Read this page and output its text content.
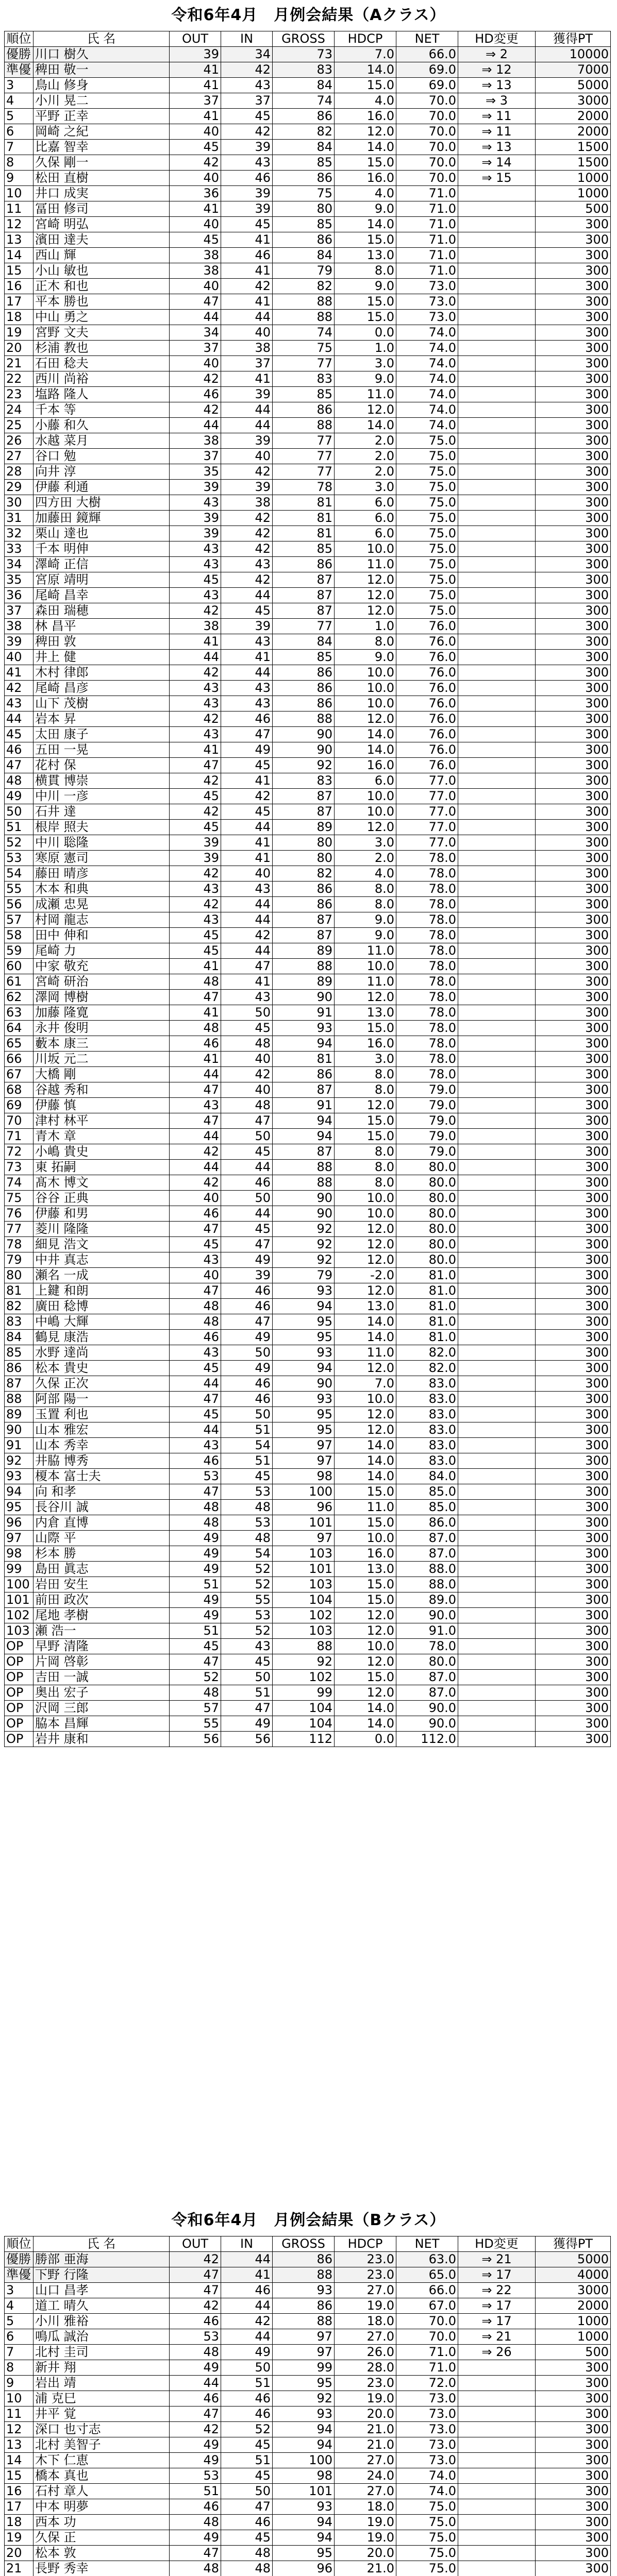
令和6年4月　月例会結果（Aクラス）
順位	氏 名	OUT	IN	GROSS	HDCP	NET	HD変更	獲得PT
優勝	川口 樹久	39	34	73	7.0	66.0	⇒ 2	10000
準優	稗田 敬一	41	42	83	14.0	69.0	⇒ 12	7000
3	鳥山 修身	41	43	84	15.0	69.0	⇒ 13	5000
4	小川 晃二	37	37	74	4.0	70.0	⇒ 3	3000
5	平野 正幸	41	45	86	16.0	70.0	⇒ 11	2000
6	岡崎 之紀	40	42	82	12.0	70.0	⇒ 11	2000
7	比嘉 智幸	45	39	84	14.0	70.0	⇒ 13	1500
8	久保 剛一	42	43	85	15.0	70.0	⇒ 14	1500
9	松田 直樹	40	46	86	16.0	70.0	⇒ 15	1000
10	井口 成実	36	39	75	4.0	71.0		1000
11	冨田 修司	41	39	80	9.0	71.0		500
12	宮崎 明弘	40	45	85	14.0	71.0		300
13	濱田 達夫	45	41	86	15.0	71.0		300
14	西山 輝	38	46	84	13.0	71.0		300
15	小山 敏也	38	41	79	8.0	71.0		300
16	正木 和也	40	42	82	9.0	73.0		300
17	平本 勝也	47	41	88	15.0	73.0		300
18	中山 勇之	44	44	88	15.0	73.0		300
19	宮野 文夫	34	40	74	0.0	74.0		300
20	杉浦 教也	37	38	75	1.0	74.0		300
21	石田 稔夫	40	37	77	3.0	74.0		300
22	西川 尚裕	42	41	83	9.0	74.0		300
23	塩路 隆人	46	39	85	11.0	74.0		300
24	千本 等	42	44	86	12.0	74.0		300
25	小藤 和久	44	44	88	14.0	74.0		300
26	水越 菜月	38	39	77	2.0	75.0		300
27	谷口 勉	37	40	77	2.0	75.0		300
28	向井 淳	35	42	77	2.0	75.0		300
29	伊藤 利通	39	39	78	3.0	75.0		300
30	四方田 大樹	43	38	81	6.0	75.0		300
31	加藤田 鏡輝	39	42	81	6.0	75.0		300
32	栗山 達也	39	42	81	6.0	75.0		300
33	千本 明伸	43	42	85	10.0	75.0		300
34	澤崎 正信	43	43	86	11.0	75.0		300
35	宮原 靖明	45	42	87	12.0	75.0		300
36	尾崎 昌幸	43	44	87	12.0	75.0		300
37	森田 瑞穂	42	45	87	12.0	75.0		300
38	林 昌平	38	39	77	1.0	76.0		300
39	稗田 敦	41	43	84	8.0	76.0		300
40	井上 健	44	41	85	9.0	76.0		300
41	木村 律郎	42	44	86	10.0	76.0		300
42	尾崎 昌彦	43	43	86	10.0	76.0		300
43	山下 茂樹	43	43	86	10.0	76.0		300
44	岩本 昇	42	46	88	12.0	76.0		300
45	太田 康子	43	47	90	14.0	76.0		300
46	五田 一晃	41	49	90	14.0	76.0		300
47	花村 保	47	45	92	16.0	76.0		300
48	横貫 博崇	42	41	83	6.0	77.0		300
49	中川 一彦	45	42	87	10.0	77.0		300
50	石井 達	42	45	87	10.0	77.0		300
51	根岸 照夫	45	44	89	12.0	77.0		300
52	中川 聡隆	39	41	80	3.0	77.0		300
53	寒原 憲司	39	41	80	2.0	78.0		300
54	藤田 晴彦	42	40	82	4.0	78.0		300
55	木本 和典	43	43	86	8.0	78.0		300
56	成瀬 忠晃	42	44	86	8.0	78.0		300
57	村岡 龍志	43	44	87	9.0	78.0		300
58	田中 伸和	45	42	87	9.0	78.0		300
59	尾崎 力	45	44	89	11.0	78.0		300
60	中家 敬充	41	47	88	10.0	78.0		300
61	宮崎 研治	48	41	89	11.0	78.0		300
62	澤岡 博樹	47	43	90	12.0	78.0		300
63	加藤 隆寛	41	50	91	13.0	78.0		300
64	永井 俊明	48	45	93	15.0	78.0		300
65	藪本 康三	46	48	94	16.0	78.0		300
66	川坂 元二	41	40	81	3.0	78.0		300
67	大橋 剛	44	42	86	8.0	78.0		300
68	谷越 秀和	47	40	87	8.0	79.0		300
69	伊藤 慎	43	48	91	12.0	79.0		300
70	津村 林平	47	47	94	15.0	79.0		300
71	青木 章	44	50	94	15.0	79.0		300
72	小嶋 貴史	42	45	87	8.0	79.0		300
73	東 拓嗣	44	44	88	8.0	80.0		300
74	髙木 博文	42	46	88	8.0	80.0		300
75	谷谷 正典	40	50	90	10.0	80.0		300
76	伊藤 和男	46	44	90	10.0	80.0		300
77	菱川 隆隆	47	45	92	12.0	80.0		300
78	細見 浩文	45	47	92	12.0	80.0		300
79	中井 真志	43	49	92	12.0	80.0		300
80	瀬名 一成	40	39	79	-2.0	81.0		300
81	上鍵 和朗	47	46	93	12.0	81.0		300
82	廣田 稔博	48	46	94	13.0	81.0		300
83	中嶋 大輝	48	47	95	14.0	81.0		300
84	鶴見 康浩	46	49	95	14.0	81.0		300
85	水野 達尚	43	50	93	11.0	82.0		300
86	松本 貴史	45	49	94	12.0	82.0		300
87	久保 正次	44	46	90	7.0	83.0		300
88	阿部 陽一	47	46	93	10.0	83.0		300
89	玉置 利也	45	50	95	12.0	83.0		300
90	山本 雅宏	44	51	95	12.0	83.0		300
91	山本 秀幸	43	54	97	14.0	83.0		300
92	井脇 博秀	46	51	97	14.0	83.0		300
93	榎本 富士夫	53	45	98	14.0	84.0		300
94	向 和孝	47	53	100	15.0	85.0		300
95	長谷川 誠	48	48	96	11.0	85.0		300
96	内倉 直博	48	53	101	15.0	86.0		300
97	山際 平	49	48	97	10.0	87.0		300
98	杉本 勝	49	54	103	16.0	87.0		300
99	島田 眞志	49	52	101	13.0	88.0		300
100	岩田 安生	51	52	103	15.0	88.0		300
101	前田 政次	49	55	104	15.0	89.0		300
102	尾地 孝樹	49	53	102	12.0	90.0		300
103	瀬 浩一	51	52	103	12.0	91.0		300
OP	早野 清隆	45	43	88	10.0	78.0		300
OP	片岡 啓彰	47	45	92	12.0	80.0		300
OP	吉田 一誠	52	50	102	15.0	87.0		300
OP	奥出 宏子	48	51	99	12.0	87.0		300
OP	沢岡 三郎	57	47	104	14.0	90.0		300
OP	脇本 昌輝	55	49	104	14.0	90.0		300
OP	岩井 康和	56	56	112	0.0	112.0		300
令和6年4月　月例会結果（Bクラス）
順位	氏 名	OUT	IN	GROSS	HDCP	NET	HD変更	獲得PT
優勝	勝部 亜海	42	44	86	23.0	63.0	⇒ 21	5000
準優	下野 行隆	47	41	88	23.0	65.0	⇒ 17	4000
3	山口 昌孝	47	46	93	27.0	66.0	⇒ 22	3000
4	道工 晴久	42	44	86	19.0	67.0	⇒ 17	2000
5	小川 雅裕	46	42	88	18.0	70.0	⇒ 17	1000
6	鳴瓜 誠治	53	44	97	27.0	70.0	⇒ 21	1000
7	北村 圭司	48	49	97	26.0	71.0	⇒ 26	500
8	新井 翔	49	50	99	28.0	71.0		300
9	岩出 靖	44	51	95	23.0	72.0		300
10	浦 克巳	46	46	92	19.0	73.0		300
11	井平 覚	47	46	93	20.0	73.0		300
12	深口 也寸志	42	52	94	21.0	73.0		300
13	北村 美智子	49	45	94	21.0	73.0		300
14	木下 仁恵	49	51	100	27.0	73.0		300
15	橋本 真也	53	45	98	24.0	74.0		300
16	石村 章人	51	50	101	27.0	74.0		300
17	中本 明夢	46	47	93	18.0	75.0		300
18	西本 功	48	46	94	19.0	75.0		300
19	久保 正	49	45	94	19.0	75.0		300
20	松本 敦	47	48	95	20.0	75.0		300
21	長野 秀幸	48	48	96	21.0	75.0		300
